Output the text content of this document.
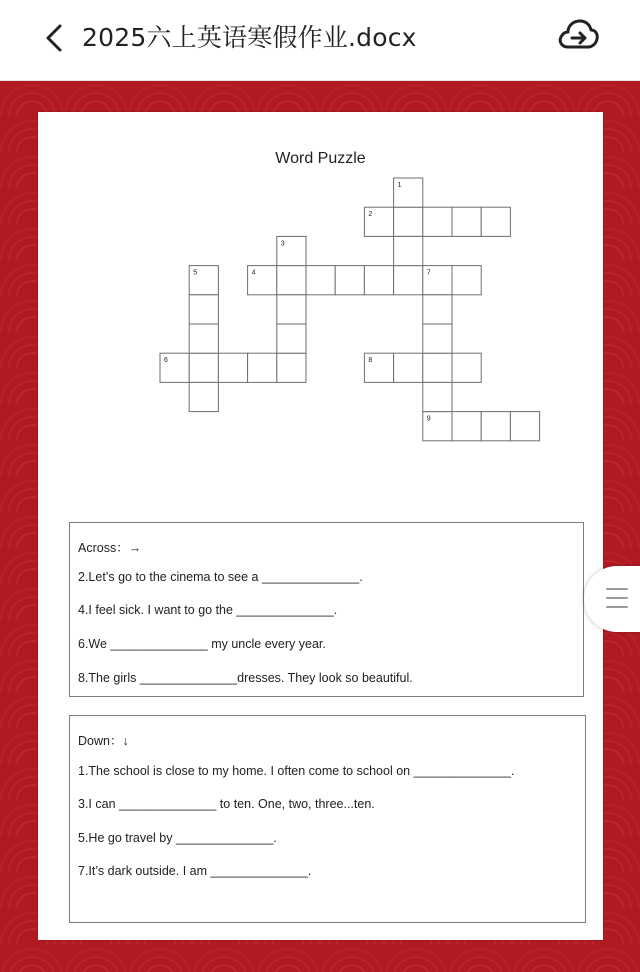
2025六上英语寒假作业.docx
Word Puzzle
1
2
3
4
5
6
7
8
9
Across：→
2.Let’s go to the cinema to see a ______________.
4.I feel sick. I want to go the ______________.
6.We ______________ my uncle every year.
8.The girls ______________dresses. They look so beautiful.
Down：↓
1.The school is close to my home. I often come to school on ______________.
3.I can ______________ to ten. One, two, three...ten.
5.He go travel by ______________.
7.It’s dark outside. I am ______________.
